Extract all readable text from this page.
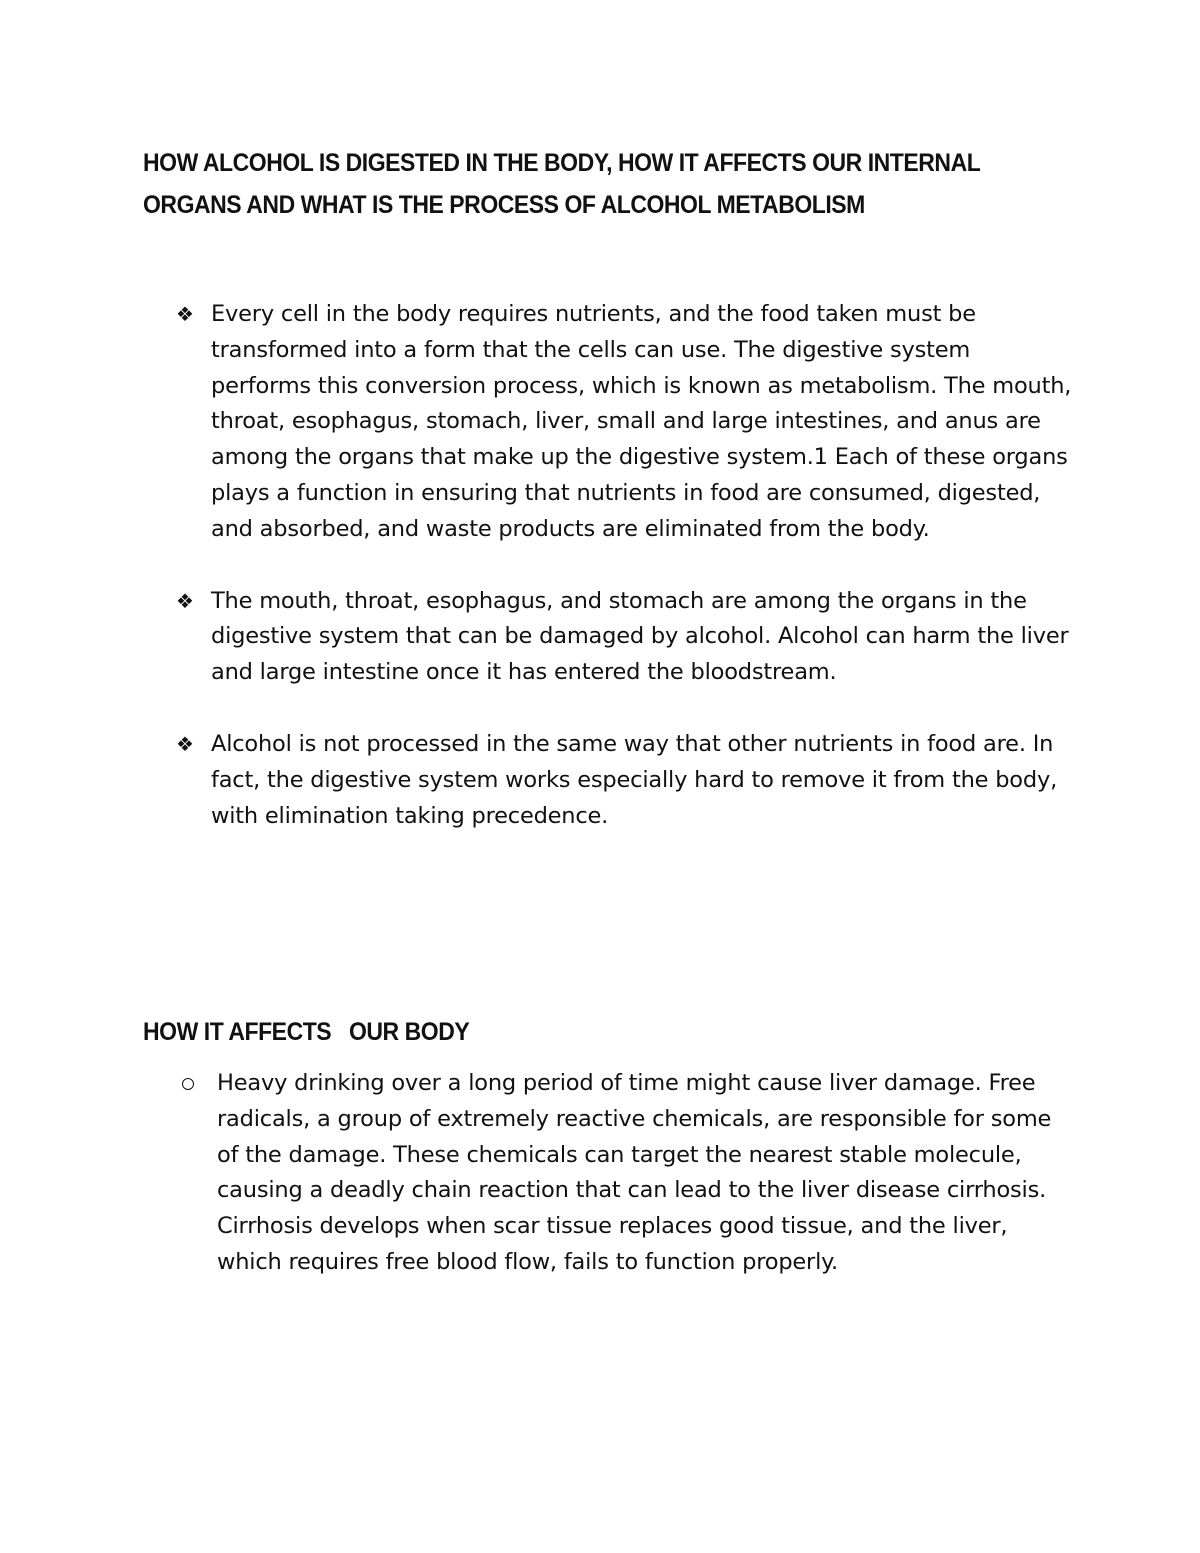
HOW ALCOHOL IS DIGESTED IN THE BODY, HOW IT AFFECTS OUR INTERNAL
ORGANS AND WHAT IS THE PROCESS OF ALCOHOL METABOLISM
❖ Every cell in the body requires nutrients, and the food taken must be transformed into a form that the cells can use. The digestive system performs this conversion process, which is known as metabolism. The mouth, throat, esophagus, stomach, liver, small and large intestines, and anus are among the organs that make up the digestive system.1 Each of these organs plays a function in ensuring that nutrients in food are consumed, digested, and absorbed, and waste products are eliminated from the body.
❖ The mouth, throat, esophagus, and stomach are among the organs in the digestive system that can be damaged by alcohol. Alcohol can harm the liver and large intestine once it has entered the bloodstream.
❖ Alcohol is not processed in the same way that other nutrients in food are. In fact, the digestive system works especially hard to remove it from the body, with elimination taking precedence.
HOW IT AFFECTS   OUR BODY
Heavy drinking over a long period of time might cause liver damage. Free radicals, a group of extremely reactive chemicals, are responsible for some of the damage. These chemicals can target the nearest stable molecule, causing a deadly chain reaction that can lead to the liver disease cirrhosis. Cirrhosis develops when scar tissue replaces good tissue, and the liver, which requires free blood flow, fails to function properly.
